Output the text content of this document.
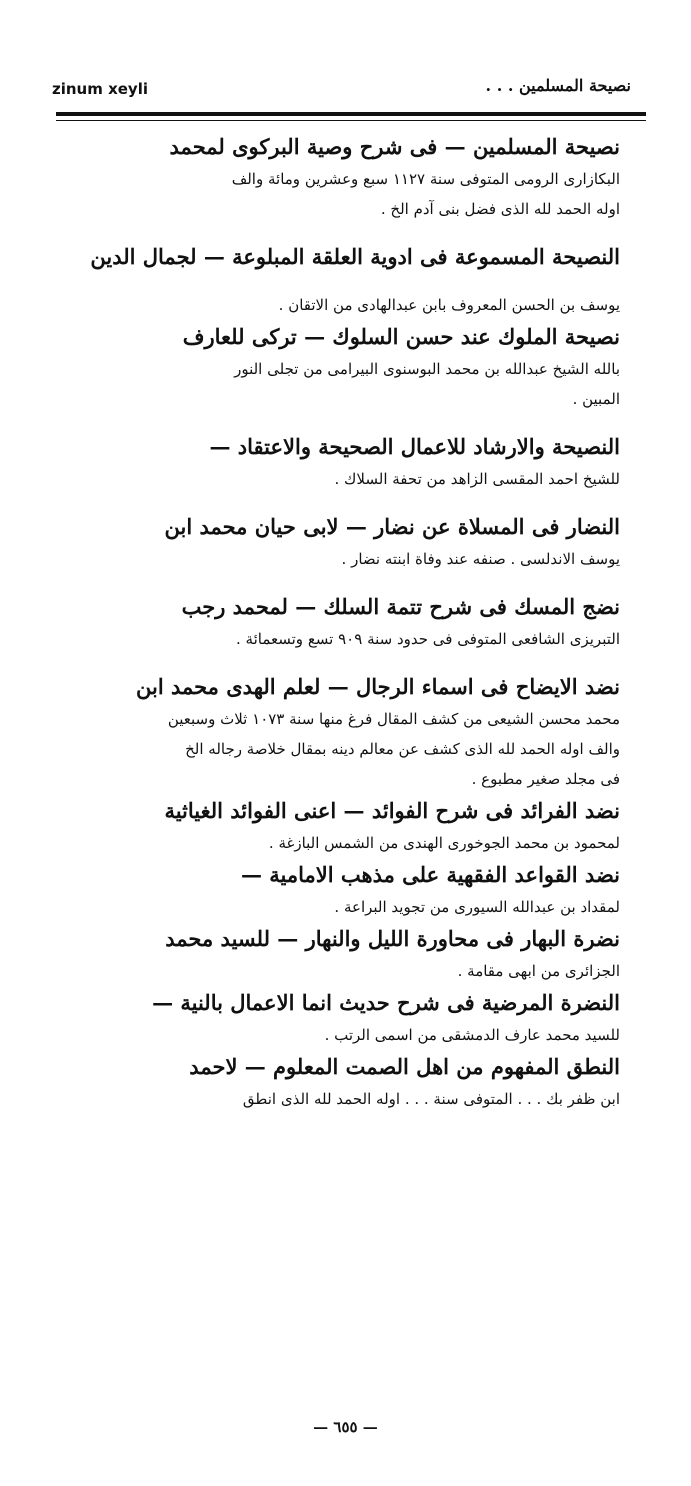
zinum xeyli	نصيحة المسلمين . . .

نصيحة المسلمين — فى شرح وصية البركوى لمحمد

البكازارى الرومى المتوفى سنة ١١٢٧ سبع وعشرين ومائة والف

اوله الحمد لله الذى فضل بنى آدم الخ .

النصيحة المسموعة فى ادوية العلقة المبلوعة — لجمال الدين

يوسف بن الحسن المعروف بابن عبدالهادى من الاتقان .

نصيحة الملوك عند حسن السلوك — تركى للعارف

بالله الشيخ عبدالله بن محمد البوسنوى البيرامى من تجلى النور

المبين .

النصيحة والارشاد للاعمال الصحيحة والاعتقاد —

للشيخ احمد المقسى الزاهد من تحفة السلاك .

النضار فى المسلاة عن نضار — لابى حيان محمد ابن

يوسف الاندلسى . صنفه عند وفاة ابنته نضار .

نضج المسك فى شرح تتمة السلك — لمحمد رجب

التبريزى الشافعى المتوفى فى حدود سنة ٩٠٩ تسع وتسعمائة .

نضد الايضاح فى اسماء الرجال — لعلم الهدى محمد ابن

محمد محسن الشيعى من كشف المقال فرغ منها سنة ١٠٧٣ ثلاث وسبعين

والف اوله الحمد لله الذى كشف عن معالم دينه بمقال خلاصة رجاله الخ

فى مجلد صغير مطبوع .

نضد الفرائد فى شرح الفوائد — اعنى الفوائد الغياثية

لمحمود بن محمد الجوخورى الهندى من الشمس البازغة .

نضد القواعد الفقهية على مذهب الامامية —

لمقداد بن عبدالله السيورى من تجويد البراعة .

نضرة البهار فى محاورة الليل والنهار — للسيد محمد

الجزائرى من ابهى مقامة .

النضرة المرضية فى شرح حديث انما الاعمال بالنية —

للسيد محمد عارف الدمشقى من اسمى الرتب .

النطق المفهوم من اهل الصمت المعلوم — لاحمد

ابن ظفر بك . . . المتوفى سنة . . . اوله الحمد لله الذى انطق

— ٦٥٥ —
